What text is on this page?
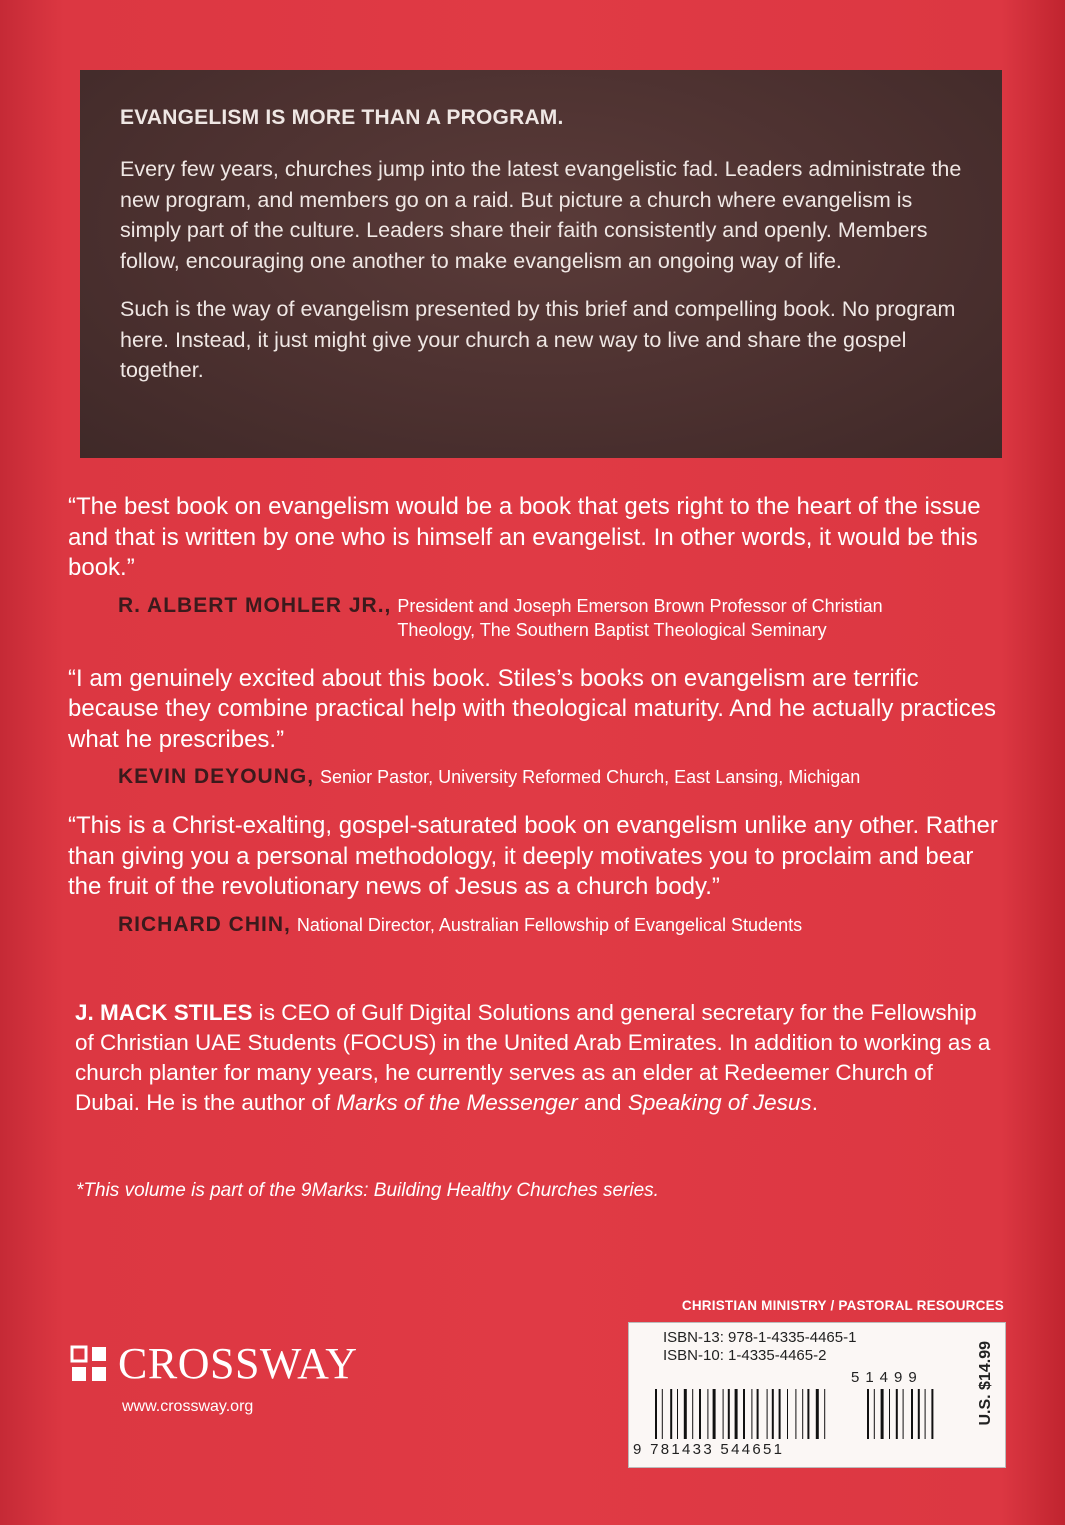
EVANGELISM IS MORE THAN A PROGRAM.

Every few years, churches jump into the latest evangelistic fad. Leaders administrate the new program, and members go on a raid. But picture a church where evangelism is simply part of the culture. Leaders share their faith consistently and openly. Members follow, encouraging one another to make evangelism an ongoing way of life.

Such is the way of evangelism presented by this brief and compelling book. No program here. Instead, it just might give your church a new way to live and share the gospel together.

“The best book on evangelism would be a book that gets right to the heart of the issue and that is written by one who is himself an evangelist. In other words, it would be this book.”

R. ALBERT MOHLER JR., President and Joseph Emerson Brown Professor of Christian Theology, The Southern Baptist Theological Seminary

“I am genuinely excited about this book. Stiles’s books on evangelism are terrific because they combine practical help with theological maturity. And he actually practices what he prescribes.”

KEVIN DEYOUNG, Senior Pastor, University Reformed Church, East Lansing, Michigan

“This is a Christ-exalting, gospel-saturated book on evangelism unlike any other. Rather than giving you a personal methodology, it deeply motivates you to proclaim and bear the fruit of the revolutionary news of Jesus as a church body.”

RICHARD CHIN, National Director, Australian Fellowship of Evangelical Students

J. MACK STILES is CEO of Gulf Digital Solutions and general secretary for the Fellowship of Christian UAE Students (FOCUS) in the United Arab Emirates. In addition to working as a church planter for many years, he currently serves as an elder at Redeemer Church of Dubai. He is the author of Marks of the Messenger and Speaking of Jesus.

*This volume is part of the 9Marks: Building Healthy Churches series.

CHRISTIAN MINISTRY / PASTORAL RESOURCES
CROSSWAY
www.crossway.org
ISBN-13: 978-1-4335-4465-1
ISBN-10: 1-4335-4465-2
51499
9 781433 544651
U.S. $14.99
